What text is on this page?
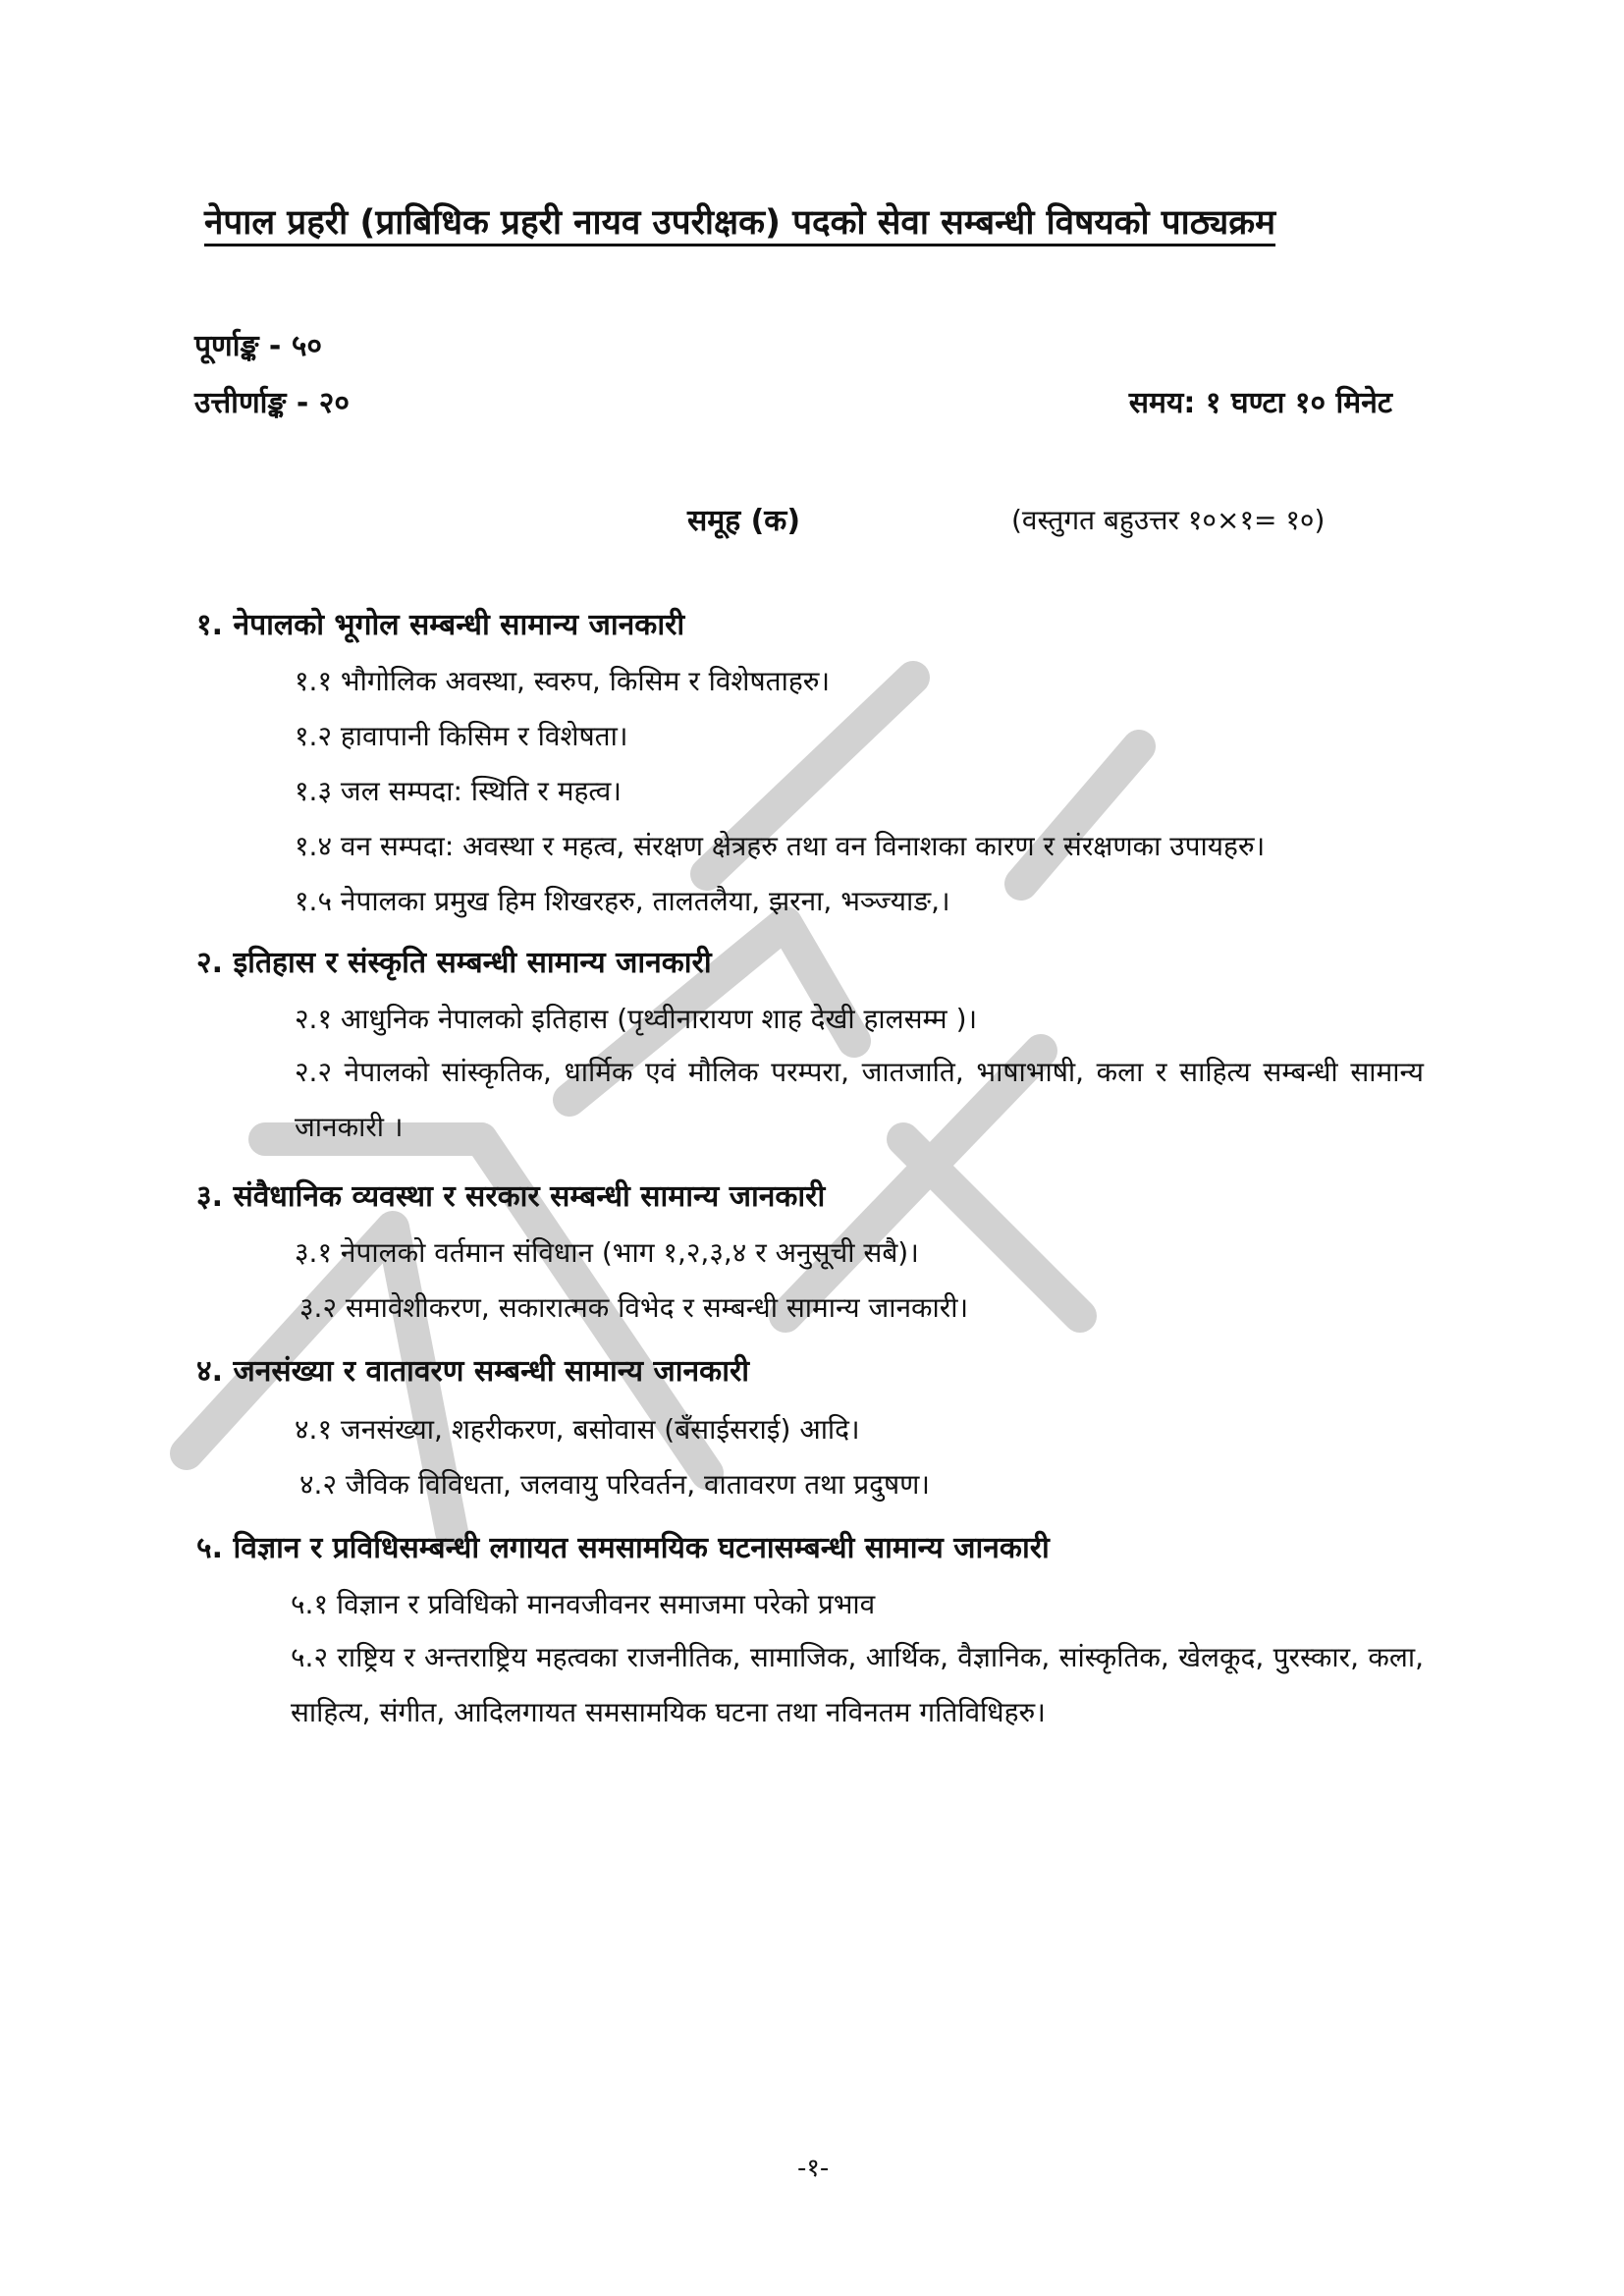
नेपाल प्रहरी (प्राबिधिक प्रहरी नायव उपरीक्षक) पदको सेवा सम्बन्धी विषयको पाठ्यक्रम
पूर्णाङ्क - ५०
उत्तीर्णाङ्क - २०	समय: १ घण्टा १० मिनेट
समूह (क)	(वस्तुगत बहुउत्तर १०×१= १०)
१. नेपालको भूगोल सम्बन्धी सामान्य जानकारी
१.१ भौगोलिक अवस्था, स्वरुप, किसिम र विशेषताहरु।
१.२ हावापानी किसिम र विशेषता।
१.३ जल सम्पदा: स्थिति र महत्व।
१.४ वन सम्पदा: अवस्था र महत्व, संरक्षण क्षेत्रहरु तथा वन विनाशका कारण र संरक्षणका उपायहरु।
१.५ नेपालका प्रमुख हिम शिखरहरु, तालतलैया, झरना, भञ्ज्याङ,।
२. इतिहास र संस्कृति सम्बन्धी सामान्य जानकारी
२.१ आधुनिक नेपालको इतिहास (पृथ्वीनारायण शाह देखी हालसम्म )।
२.२ नेपालको सांस्कृतिक, धार्मिक एवं मौलिक परम्परा, जातजाति, भाषाभाषी, कला र साहित्य सम्बन्धी सामान्य जानकारी ।
३. संवैधानिक व्यवस्था र सरकार सम्बन्धी सामान्य जानकारी
३.१ नेपालको वर्तमान संविधान (भाग १,२,३,४ र अनुसूची सबै)।
३.२ समावेशीकरण, सकारात्मक विभेद र सम्बन्धी सामान्य जानकारी।
४. जनसंख्या र वातावरण सम्बन्धी सामान्य जानकारी
४.१ जनसंख्या, शहरीकरण, बसोवास (बँसाईसराई) आदि।
४.२ जैविक विविधता, जलवायु परिवर्तन, वातावरण तथा प्रदुषण।
५. विज्ञान र प्रविधिसम्बन्धी लगायत समसामयिक घटनासम्बन्धी सामान्य जानकारी
५.१ विज्ञान र प्रविधिको मानवजीवनर समाजमा परेको प्रभाव
५.२ राष्ट्रिय र अन्तराष्ट्रिय महत्वका राजनीतिक, सामाजिक, आर्थिक, वैज्ञानिक, सांस्कृतिक, खेलकूद, पुरस्कार, कला, साहित्य, संगीत, आदिलगायत समसामयिक घटना तथा नविनतम गतिविधिहरु।
-१-
